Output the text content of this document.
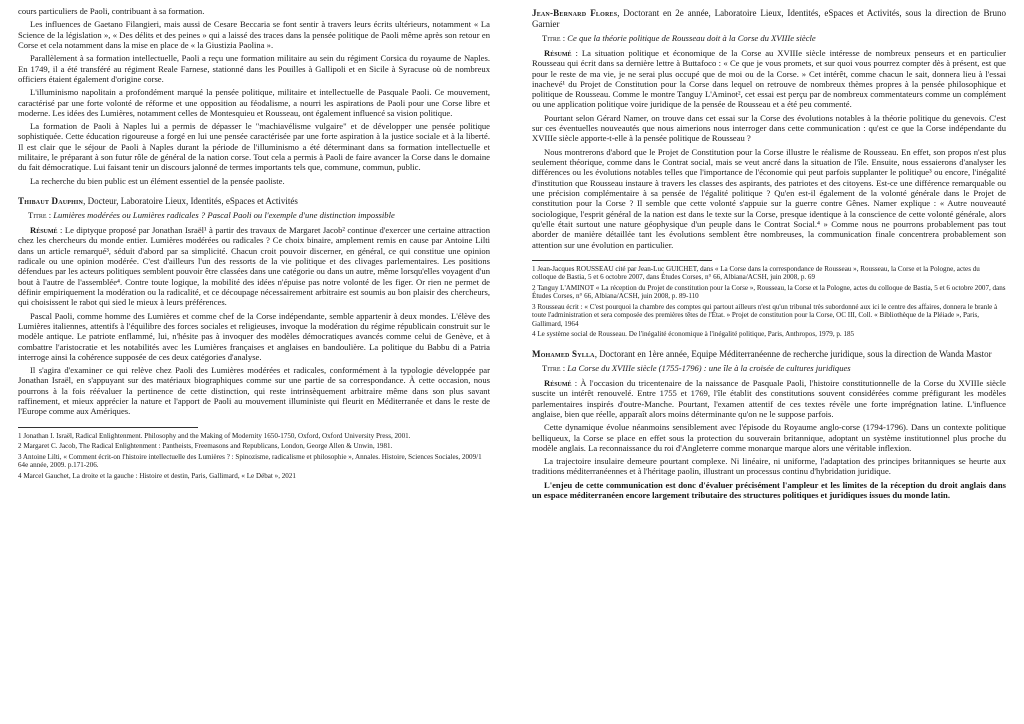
cours particuliers de Paoli, contribuant à sa formation.

Les influences de Gaetano Filangieri, mais aussi de Cesare Beccaria se font sentir à travers leurs écrits ultérieurs, notamment « La Science de la législation », « Des délits et des peines » qui a laissé des traces dans la pensée politique de Paoli même après son retour en Corse et cela notamment dans la mise en place de « la Giustizia Paolina ».

Parallèlement à sa formation intellectuelle, Paoli a reçu une formation militaire au sein du régiment Corsica du royaume de Naples. En 1749, il a été transféré au régiment Reale Farnese, stationné dans les Pouilles à Gallipoli et en Sicile à Syracuse où de nombreux officiers étaient également d'origine corse.

L'illuminismo napolitain a profondément marqué la pensée politique, militaire et intellectuelle de Pasquale Paoli. Ce mouvement, caractérisé par une forte volonté de réforme et une opposition au féodalisme, a nourri les aspirations de Paoli pour une Corse libre et moderne. Les idées des Lumières, notamment celles de Montesquieu et Rousseau, ont également influencé sa vision politique.

La formation de Paoli à Naples lui a permis de dépasser le "machiavélisme vulgaire" et de développer une pensée politique sophistiquée. Cette éducation rigoureuse a forgé en lui une pensée caractérisée par une forte aspiration à la justice sociale et à la liberté. Il est clair que le séjour de Paoli à Naples durant la période de l'illuminismo a été déterminant dans sa formation intellectuelle et militaire, le préparant à son futur rôle de général de la nation corse. Tout cela a permis à Paoli de faire avancer la Corse dans le domaine du fait démocratique. Lui faisant tenir un discours jalonné de termes importants tels que, commune, commun, public.

La recherche du bien public est un élément essentiel de la pensée paoliste.

Thibaut Dauphin, Docteur, Laboratoire Lieux, Identités, eSpaces et Activités
Titre : Lumières modérées ou Lumières radicales ? Pascal Paoli ou l'exemple d'une distinction impossible

Résumé : Le diptyque proposé par Jonathan Israël¹ à partir des travaux de Margaret Jacob² continue d'exercer une certaine attraction chez les chercheurs du monde entier. Lumières modérées ou radicales ? Ce choix binaire, amplement remis en cause par Antoine Lilti dans un article remarqué³, séduit d'abord par sa simplicité. Chacun croit pouvoir discerner, en général, ce qui constitue une opinion radicale ou une opinion modérée. C'est d'ailleurs l'un des ressorts de la vie politique et des clivages parlementaires. Les positions défendues par les acteurs politiques semblent pouvoir être classées dans une catégorie ou dans un autre, même lorsqu'elles voyagent d'un bout à l'autre de l'assemblée⁴. Contre toute logique, la mobilité des idées n'épuise pas notre volonté de les figer. Or rien ne permet de définir empiriquement la modération ou la radicalité, et ce découpage nécessairement arbitraire est soumis au bon plaisir des chercheurs, qui choisissent le rabot qui sied le mieux à leurs préférences.

Pascal Paoli, comme homme des Lumières et comme chef de la Corse indépendante, semble appartenir à deux mondes. L'élève des Lumières italiennes, attentifs à l'équilibre des forces sociales et religieuses, invoque la modération du régime républicain construit sur le modèle antique. Le patriote enflammé, lui, n'hésite pas à invoquer des modèles démocratiques avancés comme celui de Genève, et à combattre l'aristocratie et les notabilités avec les Lumières françaises et anglaises en bandoulière. La politique du Babbu di a Patria interroge ainsi la cohérence supposée de ces deux catégories d'analyse.

Il s'agira d'examiner ce qui relève chez Paoli des Lumières modérées et radicales, conformément à la typologie développée par Jonathan Israël, en s'appuyant sur des matériaux biographiques comme sur une partie de sa correspondance. À cette occasion, nous pourrons à la fois réévaluer la pertinence de cette distinction, qui reste intrinsèquement arbitraire même dans son plus savant raffinement, et mieux apprécier la nature et l'apport de Paoli au mouvement illuministe qui fleurit en Méditerranée et dans le reste de l'Europe comme aux Amériques.

1 Jonathan I. Israël, Radical Enlightenment. Philosophy and the Making of Modernity 1650-1750, Oxford, Oxford University Press, 2001.

2 Margaret C. Jacob, The Radical Enlightenment : Pantheists, Freemasons and Republicans, London, George Allen & Unwin, 1981.

3 Antoine Lilti, « Comment écrit-on l'histoire intellectuelle des Lumières ? : Spinozisme, radicalisme et philosophie », Annales. Histoire, Sciences Sociales, 2009/1 64e année, 2009. p.171-206.

4 Marcel Gauchet, La droite et la gauche : Histoire et destin, Paris, Gallimard, « Le Débat », 2021

Jean-Bernard Flores, Doctorant en 2e année, Laboratoire Lieux, Identités, eSpaces et Activités, sous la direction de Bruno Garnier
Titre : Ce que la théorie politique de Rousseau doit à la Corse du XVIIIe siècle

Résumé : La situation politique et économique de la Corse au XVIIIe siècle intéresse de nombreux penseurs et en particulier Rousseau qui écrit dans sa dernière lettre à Buttafoco : « Ce que je vous promets, et sur quoi vous pourrez compter dès à présent, est que pour le reste de ma vie, je ne serai plus occupé que de moi ou de la Corse. » Cet intérêt, comme chacun le sait, donnera lieu à l'essai inachevé¹ du Projet de Constitution pour la Corse dans lequel on retrouve de nombreux thèmes propres à la pensée philosophique et politique de Rousseau. Comme le montre Tanguy L'Aminot², cet essai est perçu par de nombreux commentateurs comme un complément ou une application politique voire juridique de la pensée de Rousseau et a été peu commenté.

Pourtant selon Gérard Namer, on trouve dans cet essai sur la Corse des évolutions notables à la théorie politique du genevois. C'est sur ces éventuelles nouveautés que nous aimerions nous interroger dans cette communication : qu'est ce que la Corse indépendante du XVIIIe siècle apporte-t-elle à la pensée politique de Rousseau ?

Nous montrerons d'abord que le Projet de Constitution pour la Corse illustre le réalisme de Rousseau. En effet, son propos n'est plus seulement théorique, comme dans le Contrat social, mais se veut ancré dans la situation de l'île. Ensuite, nous essaierons d'analyser les différences ou les évolutions notables telles que l'importance de l'économie qui peut parfois supplanter le politique³ ou encore, l'inégalité d'institution que Rousseau instaure à travers les classes des aspirants, des patriotes et des citoyens. Est-ce une différence remarquable ou une précision complémentaire à sa pensée de l'égalité politique ? Qu'en est-il également de la volonté générale dans le Projet de constitution pour la Corse ? Il semble que cette volonté s'appuie sur la guerre contre Gênes. Namer explique : « Autre nouveauté sociologique, l'esprit général de la nation est dans le texte sur la Corse, presque identique à la conscience de cette volonté générale, alors qu'elle était surtout une nature géophysique d'un peuple dans le Contrat Social.⁴ » Comme nous ne pourrons probablement pas tout aborder de manière détaillée tant les évolutions semblent être nombreuses, la communication finale concentrera probablement son attention sur une évolution en particulier.

1 Jean-Jacques ROUSSEAU cité par Jean-Luc GUICHET, dans « La Corse dans la correspondance de Rousseau », Rousseau, la Corse et la Pologne, actes du colloque de Bastia, 5 et 6 octobre 2007, dans Études Corses, n° 66, Albiana/ACSH, juin 2008, p. 69

2 Tanguy L'AMINOT « La réception du Projet de constitution pour la Corse », Rousseau, la Corse et la Pologne, actes du colloque de Bastia, 5 et 6 octobre 2007, dans Études Corses, n° 66, Albiana/ACSH, juin 2008, p. 89-110

3 Rousseau écrit : « C'est pourquoi la chambre des comptes qui partout ailleurs n'est qu'un tribunal très subordonné aux ici le centre des affaires, donnera le branle à toute l'administration et sera composée des premières têtes de l'État. » Projet de constitution pour la Corse, OC III, Coll. « Bibliothèque de la Pléiade », Paris, Gallimard, 1964

4 Le système social de Rousseau. De l'inégalité économique à l'inégalité politique, Paris, Anthropos, 1979, p. 185

Mohamed Sylla, Doctorant en 1ère année, Equipe Méditerranéenne de recherche juridique, sous la direction de Wanda Mastor
Titre : La Corse du XVIIIe siècle (1755-1796) : une île à la croisée de cultures juridiques

Résumé : À l'occasion du tricentenaire de la naissance de Pasquale Paoli, l'histoire constitutionnelle de la Corse du XVIIIe siècle suscite un intérêt renouvelé. Entre 1755 et 1769, l'île établit des constitutions souvent considérées comme préfigurant les modèles parlementaires inspirés d'outre-Manche. Pourtant, l'examen attentif de ces textes révèle une forte imprégnation latine. L'influence anglaise, bien que réelle, apparaît alors moins déterminante qu'on ne le suppose parfois.

Cette dynamique évolue néanmoins sensiblement avec l'épisode du Royaume anglo-corse (1794-1796). Dans un contexte politique belliqueux, la Corse se place en effet sous la protection du souverain britannique, adoptant un système institutionnel plus proche du modèle anglais. La reconnaissance du roi d'Angleterre comme monarque marque alors une véritable inflexion.

La trajectoire insulaire demeure pourtant complexe. Ni linéaire, ni uniforme, l'adaptation des principes britanniques se heurte aux traditions méditerranéennes et à l'héritage paolin, illustrant un processus continu d'hybridation juridique.

L'enjeu de cette communication est donc d'évaluer précisément l'ampleur et les limites de la réception du droit anglais dans un espace méditerranéen encore largement tributaire des structures politiques et juridiques issues du monde latin.
